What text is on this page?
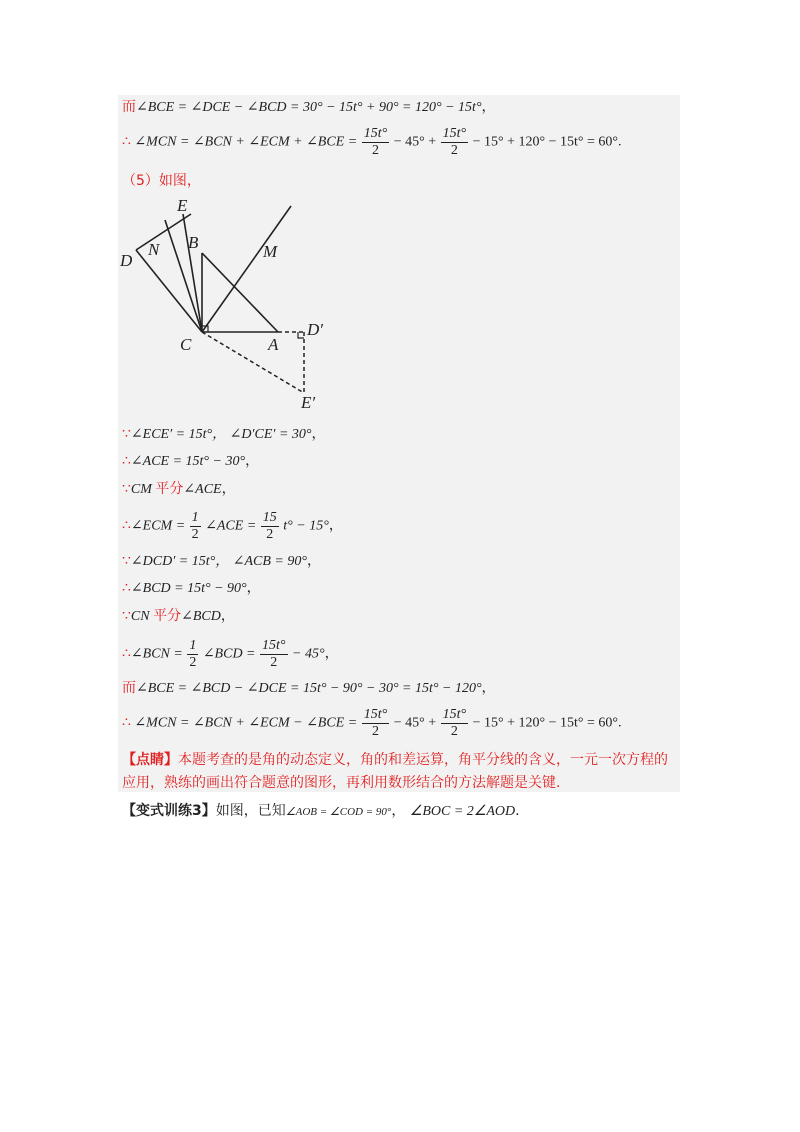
而∠BCE = ∠DCE − ∠BCD = 30° − 15t° + 90° = 120° − 15t°，
∴ ∠MCN = ∠BCN + ∠ECM + ∠BCE = $\frac{15t^\circ}{2} - 45^\circ + \frac{15t^\circ}{2} - 15^\circ + 120^\circ - 15t^\circ = 60^\circ$.
（5）如图，
E
B
D
N	M
C	A
D′
E′
∵∠ECE′ = 15t°， ∠D′CE′ = 30°，
∴∠ACE = 15t° − 30°，
∵CM 平分∠ACE，
∴∠ECM = $\frac{1}{2}$ ∠ACE = $\frac{15}{2} t^\circ - 15^\circ$，
∵∠DCD′ = 15t°， ∠ACB = 90°，
∴∠BCD = 15t° − 90°，
∵CN 平分∠BCD，
∴∠BCN = $\frac{1}{2}$ ∠BCD = $\frac{15t^\circ}{2} - 45^\circ$，
而∠BCE = ∠BCD − ∠DCE = 15t° − 90° − 30° = 15t° − 120°，
∴ ∠MCN = ∠BCN + ∠ECM − ∠BCE = $\frac{15t^\circ}{2} - 45^\circ + \frac{15t^\circ}{2} - 15^\circ + 120^\circ - 15t^\circ = 60^\circ$.
【点睛】本题考查的是角的动态定义，角的和差运算，角平分线的含义，一元一次方程的应用，熟练的画出符合题意的图形，再利用数形结合的方法解题是关键.
【变式训练3】如图，已知∠AOB = ∠COD = 90°， ∠BOC = 2∠AOD.
